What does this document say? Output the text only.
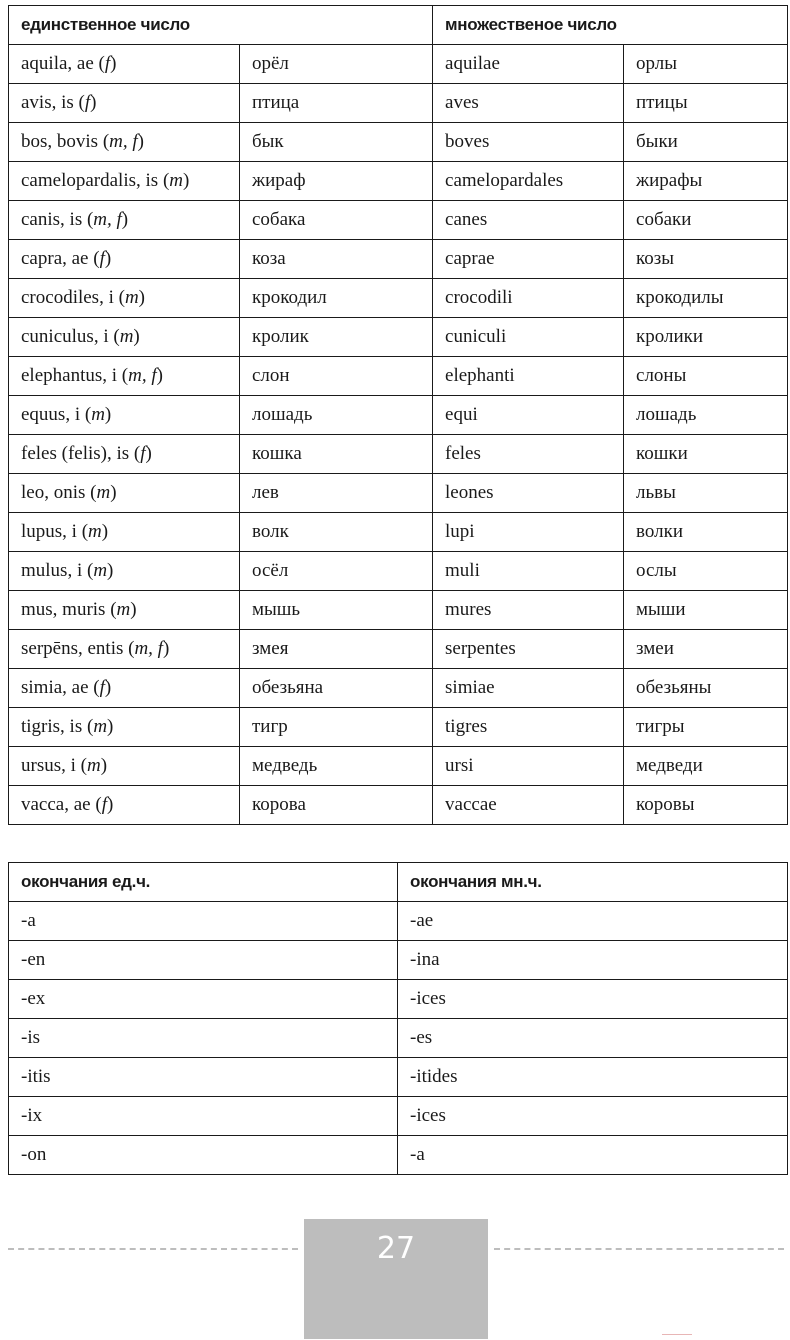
единственное число		множественое число	
aquila, ae (f)	орёл	aquilae	орлы
avis, is (f)	птица	aves	птицы
bos, bovis (m, f)	бык	boves	быки
camelopardalis, is (m)	жираф	camelopardales	жирафы
canis, is (m, f)	собака	canes	собаки
capra, ae (f)	коза	caprae	козы
crocodiles, i (m)	крокодил	crocodili	крокодилы
cuniculus, i (m)	кролик	cuniculi	кролики
elephantus, i (m, f)	слон	elephanti	слоны
equus, i (m)	лошадь	equi	лошадь
feles (felis), is (f)	кошка	feles	кошки
leo, onis (m)	лев	leones	львы
lupus, i (m)	волк	lupi	волки
mulus, i (m)	осёл	muli	ослы
mus, muris (m)	мышь	mures	мыши
serpēns, entis (m, f)	змея	serpentes	змеи
simia, ae (f)	обезьяна	simiae	обезьяны
tigris, is (m)	тигр	tigres	тигры
ursus, i (m)	медведь	ursi	медведи
vacca, ae (f)	корова	vaccae	коровы
окончания ед.ч.	окончания мн.ч.
-a	-ae
-en	-ina
-ex	-ices
-is	-es
-itis	-itides
-ix	-ices
-on	-a
27
